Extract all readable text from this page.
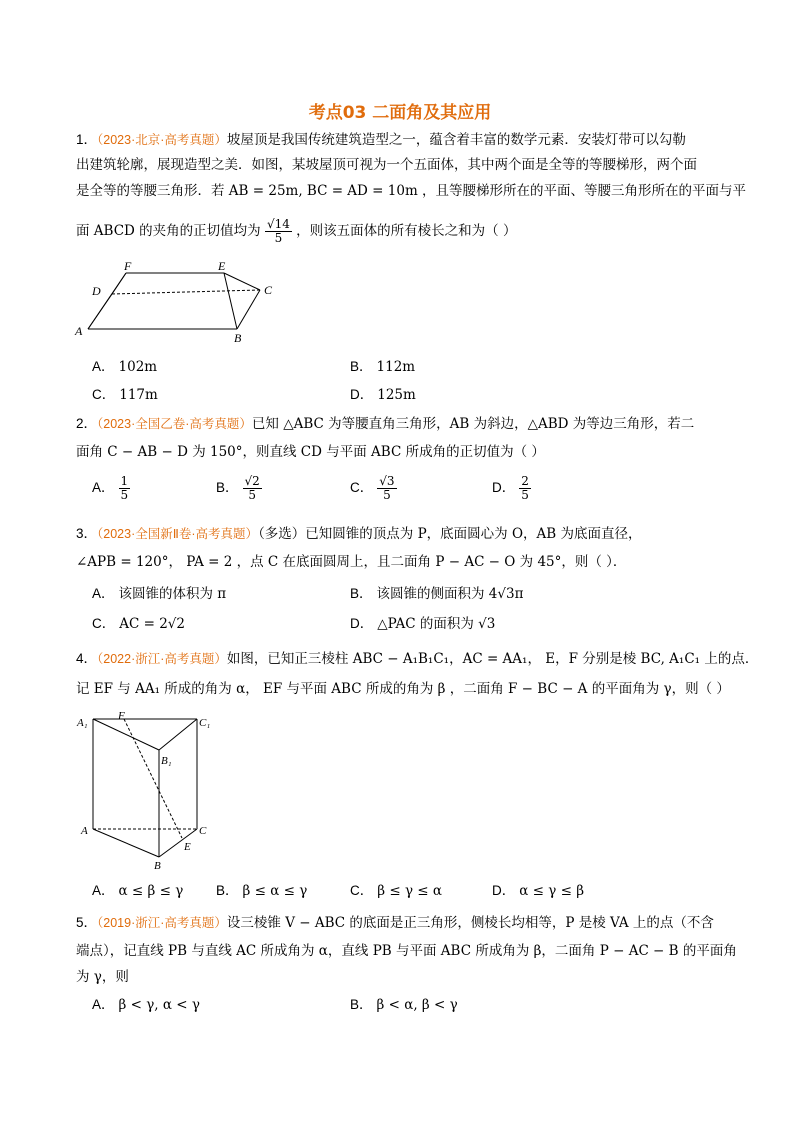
考点03 二面角及其应用
1．（2023·北京·高考真题）坡屋顶是我国传统建筑造型之一，蕴含着丰富的数学元素．安装灯带可以勾勒
出建筑轮廓，展现造型之美．如图，某坡屋顶可视为一个五面体，其中两个面是全等的等腰梯形，两个面
是全等的等腰三角形．若 AB = 25m, BC = AD = 10m ，且等腰梯形所在的平面、等腰三角形所在的平面与平
面 ABCD 的夹角的正切值均为 $\frac{√14}{5}$ ，则该五面体的所有棱长之和为（ ）
F	E
D	C
A	B
A． 102m	B． 112m
C． 117m	D． 125m
2．（2023·全国乙卷·高考真题）已知 △ABC 为等腰直角三角形，AB 为斜边，△ABD 为等边三角形，若二
面角 C − AB − D 为 150°，则直线 CD 与平面 ABC 所成角的正切值为（ ）
A． $\frac{1}{5}$	B． $\frac{√2}{5}$	C． $\frac{√3}{5}$	D． $\frac{2}{5}$
3．（2023·全国新Ⅱ卷·高考真题）（多选）已知圆锥的顶点为 P，底面圆心为 O，AB 为底面直径，
∠APB = 120°， PA = 2 ，点 C 在底面圆周上，且二面角 P − AC − O 为 45°，则（ ）．
A． 该圆锥的体积为 π	B． 该圆锥的侧面积为 4√3π
C． AC = 2√2	D． △PAC 的面积为 √3
4．（2022·浙江·高考真题）如图，已知正三棱柱 ABC − A₁B₁C₁，AC = AA₁， E，F 分别是棱 BC, A₁C₁ 上的点．
记 EF 与 AA₁ 所成的角为 α， EF 与平面 ABC 所成的角为 β ，二面角 F − BC − A 的平面角为 γ，则（ ）
A₁
F
C₁
B₁
A	C
E
B
A． α ≤ β ≤ γ B． β ≤ α ≤ γ	C． β ≤ γ ≤ α	D． α ≤ γ ≤ β
5．（2019·浙江·高考真题）设三棱锥 V − ABC 的底面是正三角形，侧棱长均相等，P 是棱 VA 上的点（不含
端点），记直线 PB 与直线 AC 所成角为 α，直线 PB 与平面 ABC 所成角为 β，二面角 P − AC − B 的平面角
为 γ，则
A． β < γ, α < γ	B． β < α, β < γ
